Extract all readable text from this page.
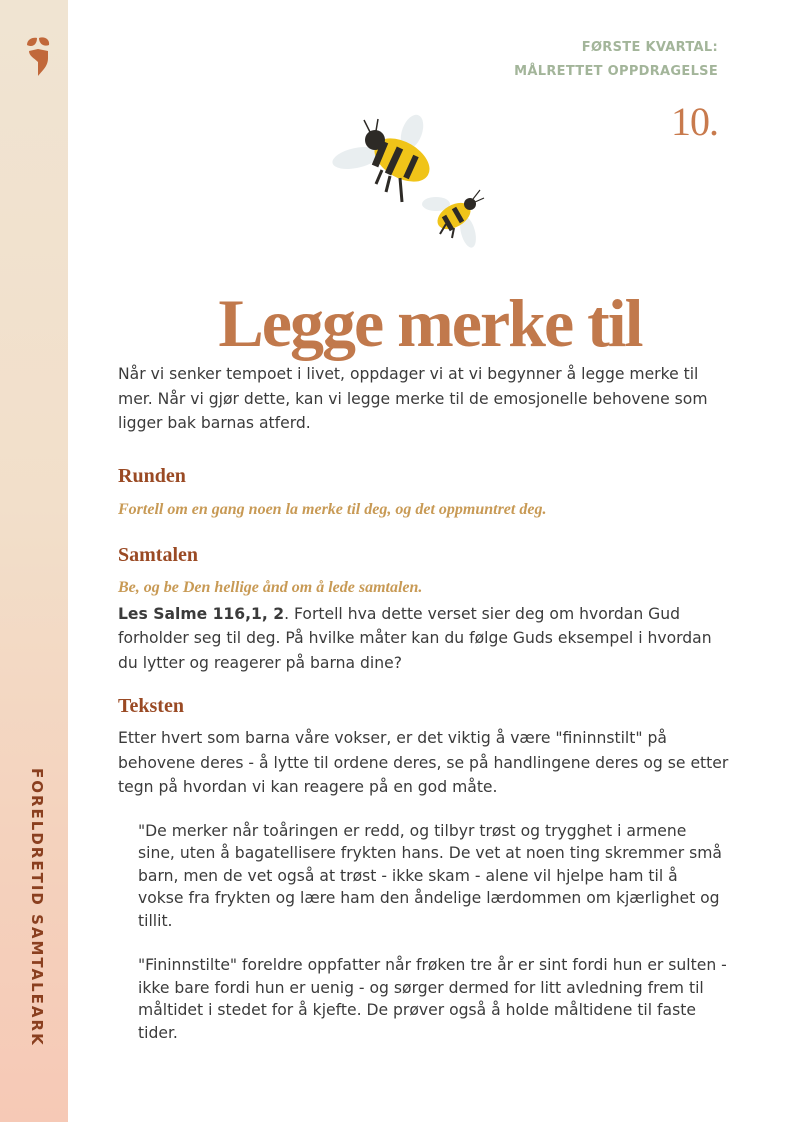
FORELDRETID SAMTALEARK
FØRSTE KVARTAL:
MÅLRETTET OPPDRAGELSE
10.
Legge merke til

Når vi senker tempoet i livet, oppdager vi at vi begynner å legge merke til mer. Når vi gjør dette, kan vi legge merke til de emosjonelle behovene som ligger bak barnas atferd.

Runden

Fortell om en gang noen la merke til deg, og det oppmuntret deg.

Samtalen

Be, og be Den hellige ånd om å lede samtalen.

Les Salme 116,1, 2. Fortell hva dette verset sier deg om hvordan Gud forholder seg til deg. På hvilke måter kan du følge Guds eksempel i hvordan du lytter og reagerer på barna dine?

Teksten

Etter hvert som barna våre vokser, er det viktig å være "fininnstilt" på behovene deres - å lytte til ordene deres, se på handlingene deres og se etter tegn på hvordan vi kan reagere på en god måte.

"De merker når toåringen er redd, og tilbyr trøst og trygghet i armene sine, uten å bagatellisere frykten hans. De vet at noen ting skremmer små barn, men de vet også at trøst - ikke skam - alene vil hjelpe ham til å vokse fra frykten og lære ham den åndelige lærdommen om kjærlighet og tillit.

"Fininnstilte" foreldre oppfatter når frøken tre år er sint fordi hun er sulten - ikke bare fordi hun er uenig - og sørger dermed for litt avledning frem til måltidet i stedet for å kjefte. De prøver også å holde måltidene til faste tider.
